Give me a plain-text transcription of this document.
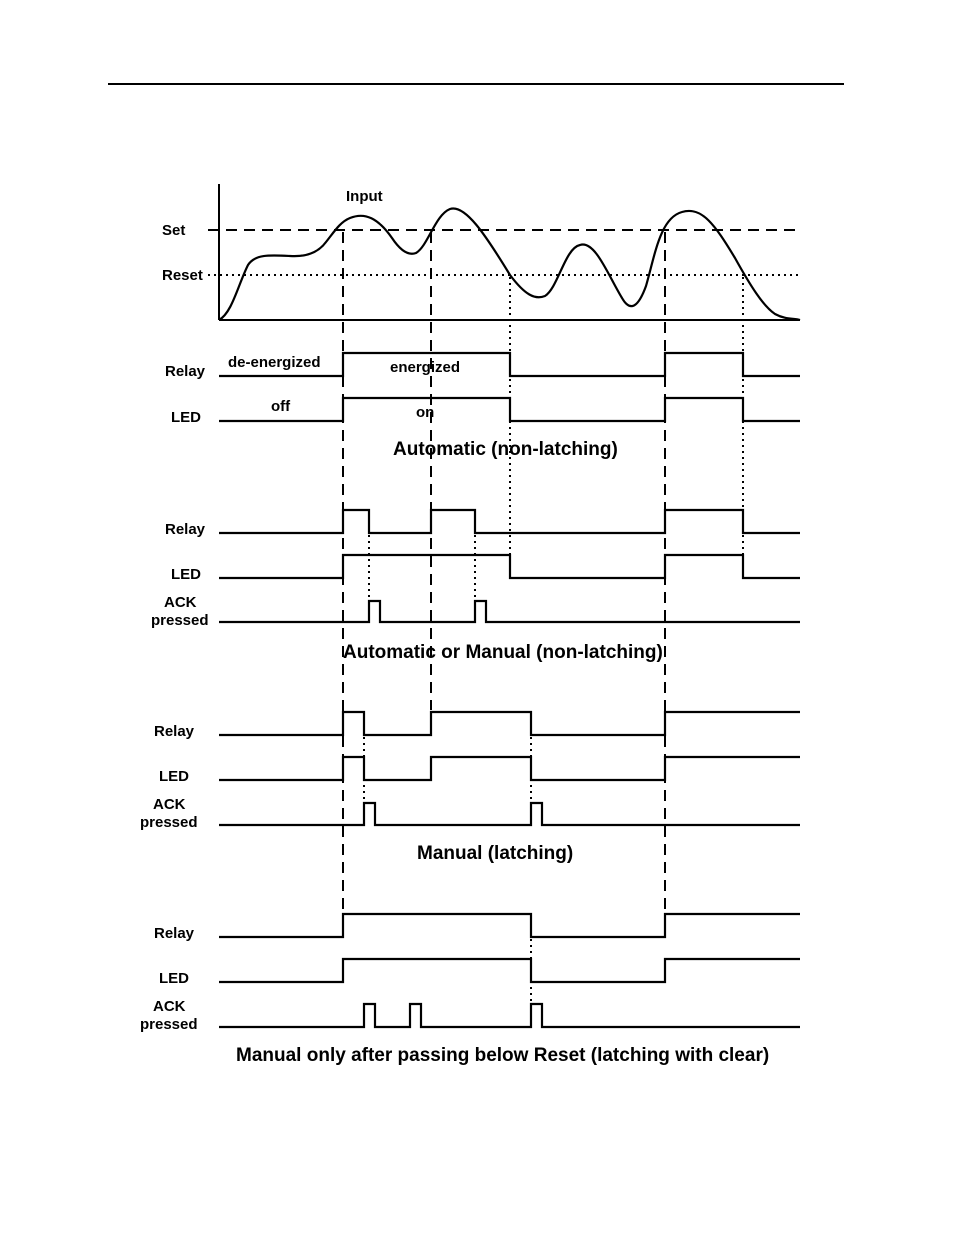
Input
Set
Reset
Relay
de-energized	energized
LED
off	on
Automatic (non-latching)
Relay
LED
ACK
pressed
Automatic or Manual (non-latching)
Relay
LED
ACK
pressed
Manual (latching)
Relay
LED
ACK
pressed
Manual only after passing below Reset (latching with clear)
